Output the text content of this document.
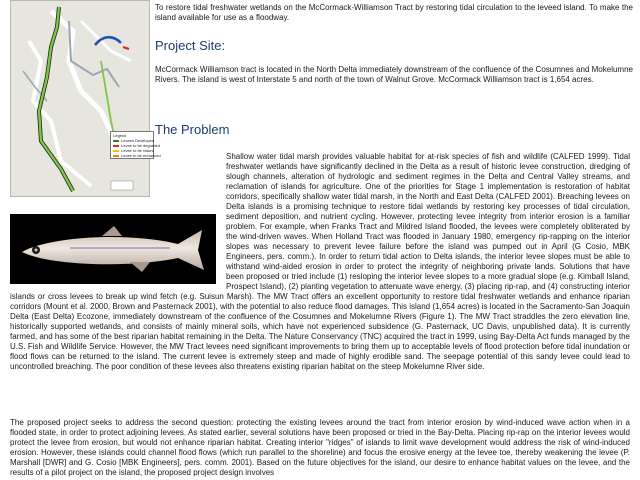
Legend
Levees Developed
Levee to be degraded
Levee to be raised
Levee to be enhanced

To restore tidal freshwater wetlands on the McCormack-Williamson Tract by restoring tidal circulation to the leveed island. To make the island available for use as a floodway.

Project Site:

McCormack Williamson tract is located in the North Delta immediately downstream of the confluence of the Cosumnes and Mokelumne Rivers. The island is west of Interstate 5 and north of the town of Walnut Grove. McCormack Williamson tract is 1,654 acres.

The Problem

Shallow water tidal marsh provides valuable habitat for at-risk species of fish and wildlife (CALFED 1999). Tidal freshwater wetlands have significantly declined in the Delta as a result of historic levee construction, dredging of slough channels, alteration of hydrologic and sediment regimes in the Delta and Central Valley streams, and reclamation of islands for agriculture. One of the priorities for Stage 1 implementation is restoration of habitat corridors, specifically shallow water tidal marsh, in the North and East Delta (CALFED 2001). Breaching levees on Delta islands is a promising technique to restore tidal wetlands by restoring key processes of tidal circulation, sediment deposition, and nutrient cycling. However, protecting levee integrity from interior erosion is a familiar problem. For example, when Franks Tract and Mildred Island flooded, the levees were completely obliterated by the wind-driven waves. When Holland Tract was flooded in January 1980, emergency rip-rapping on the interior slopes was necessary to prevent levee failure before the island was pumped out in April (G Cosio, MBK Engineers, pers. comm.). In order to return tidal action to Delta islands, the interior levee slopes must be able to withstand wind-aided erosion in order to protect the integrity of neighboring private lands. Solutions that have been proposed or tried include (1) resloping the interior levee slopes to a more gradual slope (e.g. Kimball Island, Prospect Island), (2) planting vegetation to attenuate wave energy, (3) placing rip-rap, and (4) constructing interior islands or cross levees to break up wind fetch (e.g. Suisun Marsh). The MW Tract offers an excellent opportunity to restore tidal freshwater wetlands and enhance riparian corridors (Mount et al. 2000, Brown and Pasternack 2001), with the potential to also reduce flood damages. This island (1,654 acres) is located in the Sacramento-San Joaquin Delta (East Delta) Ecozone, immediately downstream of the confluence of the Cosumnes and Mokelumne Rivers (Figure 1). The MW Tract straddles the zero elevation line, historically supported wetlands, and consists of mainly mineral soils, which have not experienced subsidence (G. Pasternack, UC Davis, unpublished data). It is currently farmed, and has some of the best riparian habitat remaining in the Delta. The Nature Conservancy (TNC) acquired the tract in 1999, using Bay-Delta Act funds managed by the U.S. Fish and Wildlife Service. However, the MW Tract levees need significant improvements to bring them up to acceptable levels of flood protection before tidal inundation or flood flows can be returned to the island. The current levee is extremely steep and made of highly erodible sand. The seepage potential of this sandy levee could lead to uncontrolled breaching. The poor condition of these levees also threatens existing riparian habitat on the steep Mokelumne River side.

The proposed project seeks to address the second question: protecting the existing levees around the tract from interior erosion by wind-induced wave action when in a flooded state, in order to protect adjoining levees. As stated earlier, several solutions have been proposed or tried in the Bay-Delta. Placing rip-rap on the interior levees would protect the levee from erosion, but would not enhance riparian habitat. Creating interior "ridges" of islands to limit wave development would address the risk of wind-induced erosion. However, these islands could channel flood flows (which run parallel to the shoreline) and focus the erosive energy at the levee toe, thereby weakening the levee (P. Marshall [DWR] and G. Cosio [MBK Engineers], pers. comm. 2001). Based on the future objectives for the island, our desire to enhance habitat values on the levee, and the results of a pilot project on the island, the proposed project design involves
